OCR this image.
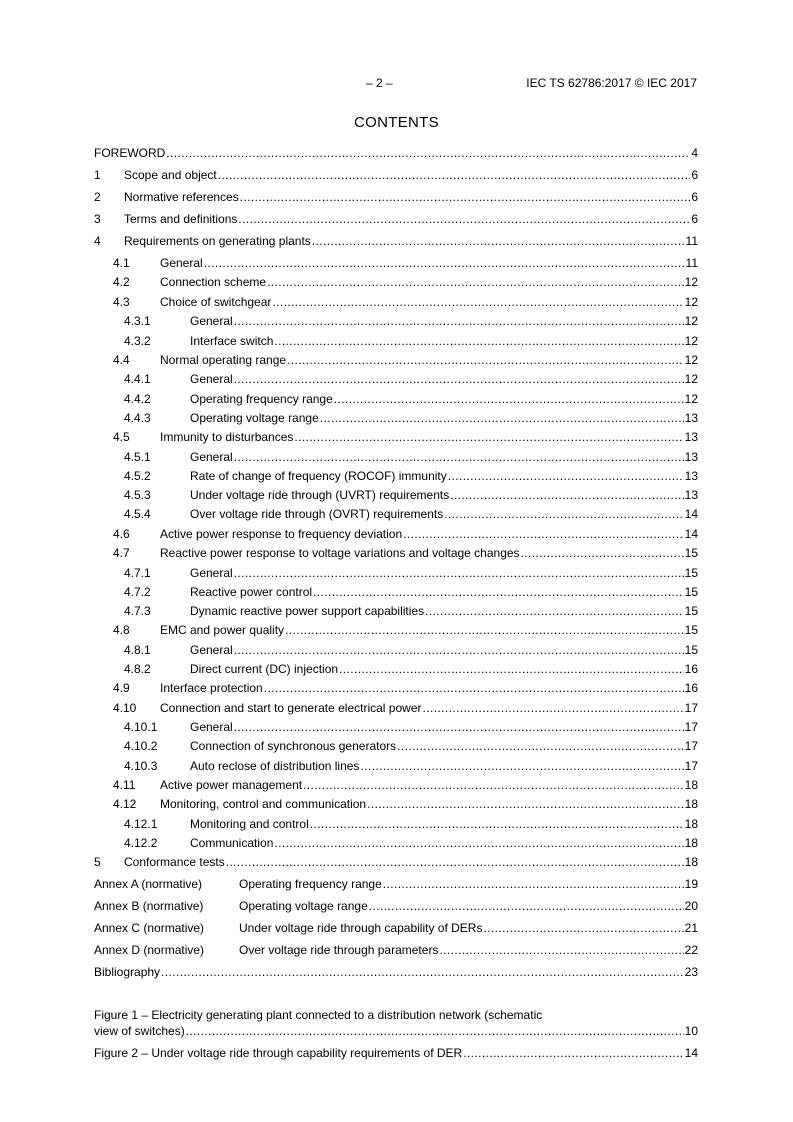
– 2 –	IEC TS 62786:2017 © IEC 2017
CONTENTS
FOREWORD .....	4
1	Scope and object .....	6
2	Normative references .....	6
3	Terms and definitions .....	6
4	Requirements on generating plants .....	11
4.1	General .....	11
4.2	Connection scheme .....	12
4.3	Choice of switchgear .....	12
4.3.1	General .....	12
4.3.2	Interface switch .....	12
4.4	Normal operating range .....	12
4.4.1	General .....	12
4.4.2	Operating frequency range .....	12
4.4.3	Operating voltage range .....	13
4.5	Immunity to disturbances .....	13
4.5.1	General .....	13
4.5.2	Rate of change of frequency (ROCOF) immunity .....	13
4.5.3	Under voltage ride through (UVRT) requirements .....	13
4.5.4	Over voltage ride through (OVRT) requirements .....	14
4.6	Active power response to frequency deviation .....	14
4.7	Reactive power response to voltage variations and voltage changes .....	15
4.7.1	General .....	15
4.7.2	Reactive power control .....	15
4.7.3	Dynamic reactive power support capabilities .....	15
4.8	EMC and power quality .....	15
4.8.1	General .....	15
4.8.2	Direct current (DC) injection .....	16
4.9	Interface protection .....	16
4.10	Connection and start to generate electrical power .....	17
4.10.1	General .....	17
4.10.2	Connection of synchronous generators .....	17
4.10.3	Auto reclose of distribution lines .....	17
4.11	Active power management .....	18
4.12	Monitoring, control and communication .....	18
4.12.1	Monitoring and control .....	18
4.12.2	Communication .....	18
5	Conformance tests .....	18
Annex A (normative)	Operating frequency range .....	19
Annex B (normative)	Operating voltage range .....	20
Annex C (normative)	Under voltage ride through capability of DERs .....	21
Annex D (normative)	Over voltage ride through parameters .....	22
Bibliography .....	23
Figure 1 – Electricity generating plant connected to a distribution network (schematic
view of switches) .....	10
Figure 2 – Under voltage ride through capability requirements of DER .....	14
